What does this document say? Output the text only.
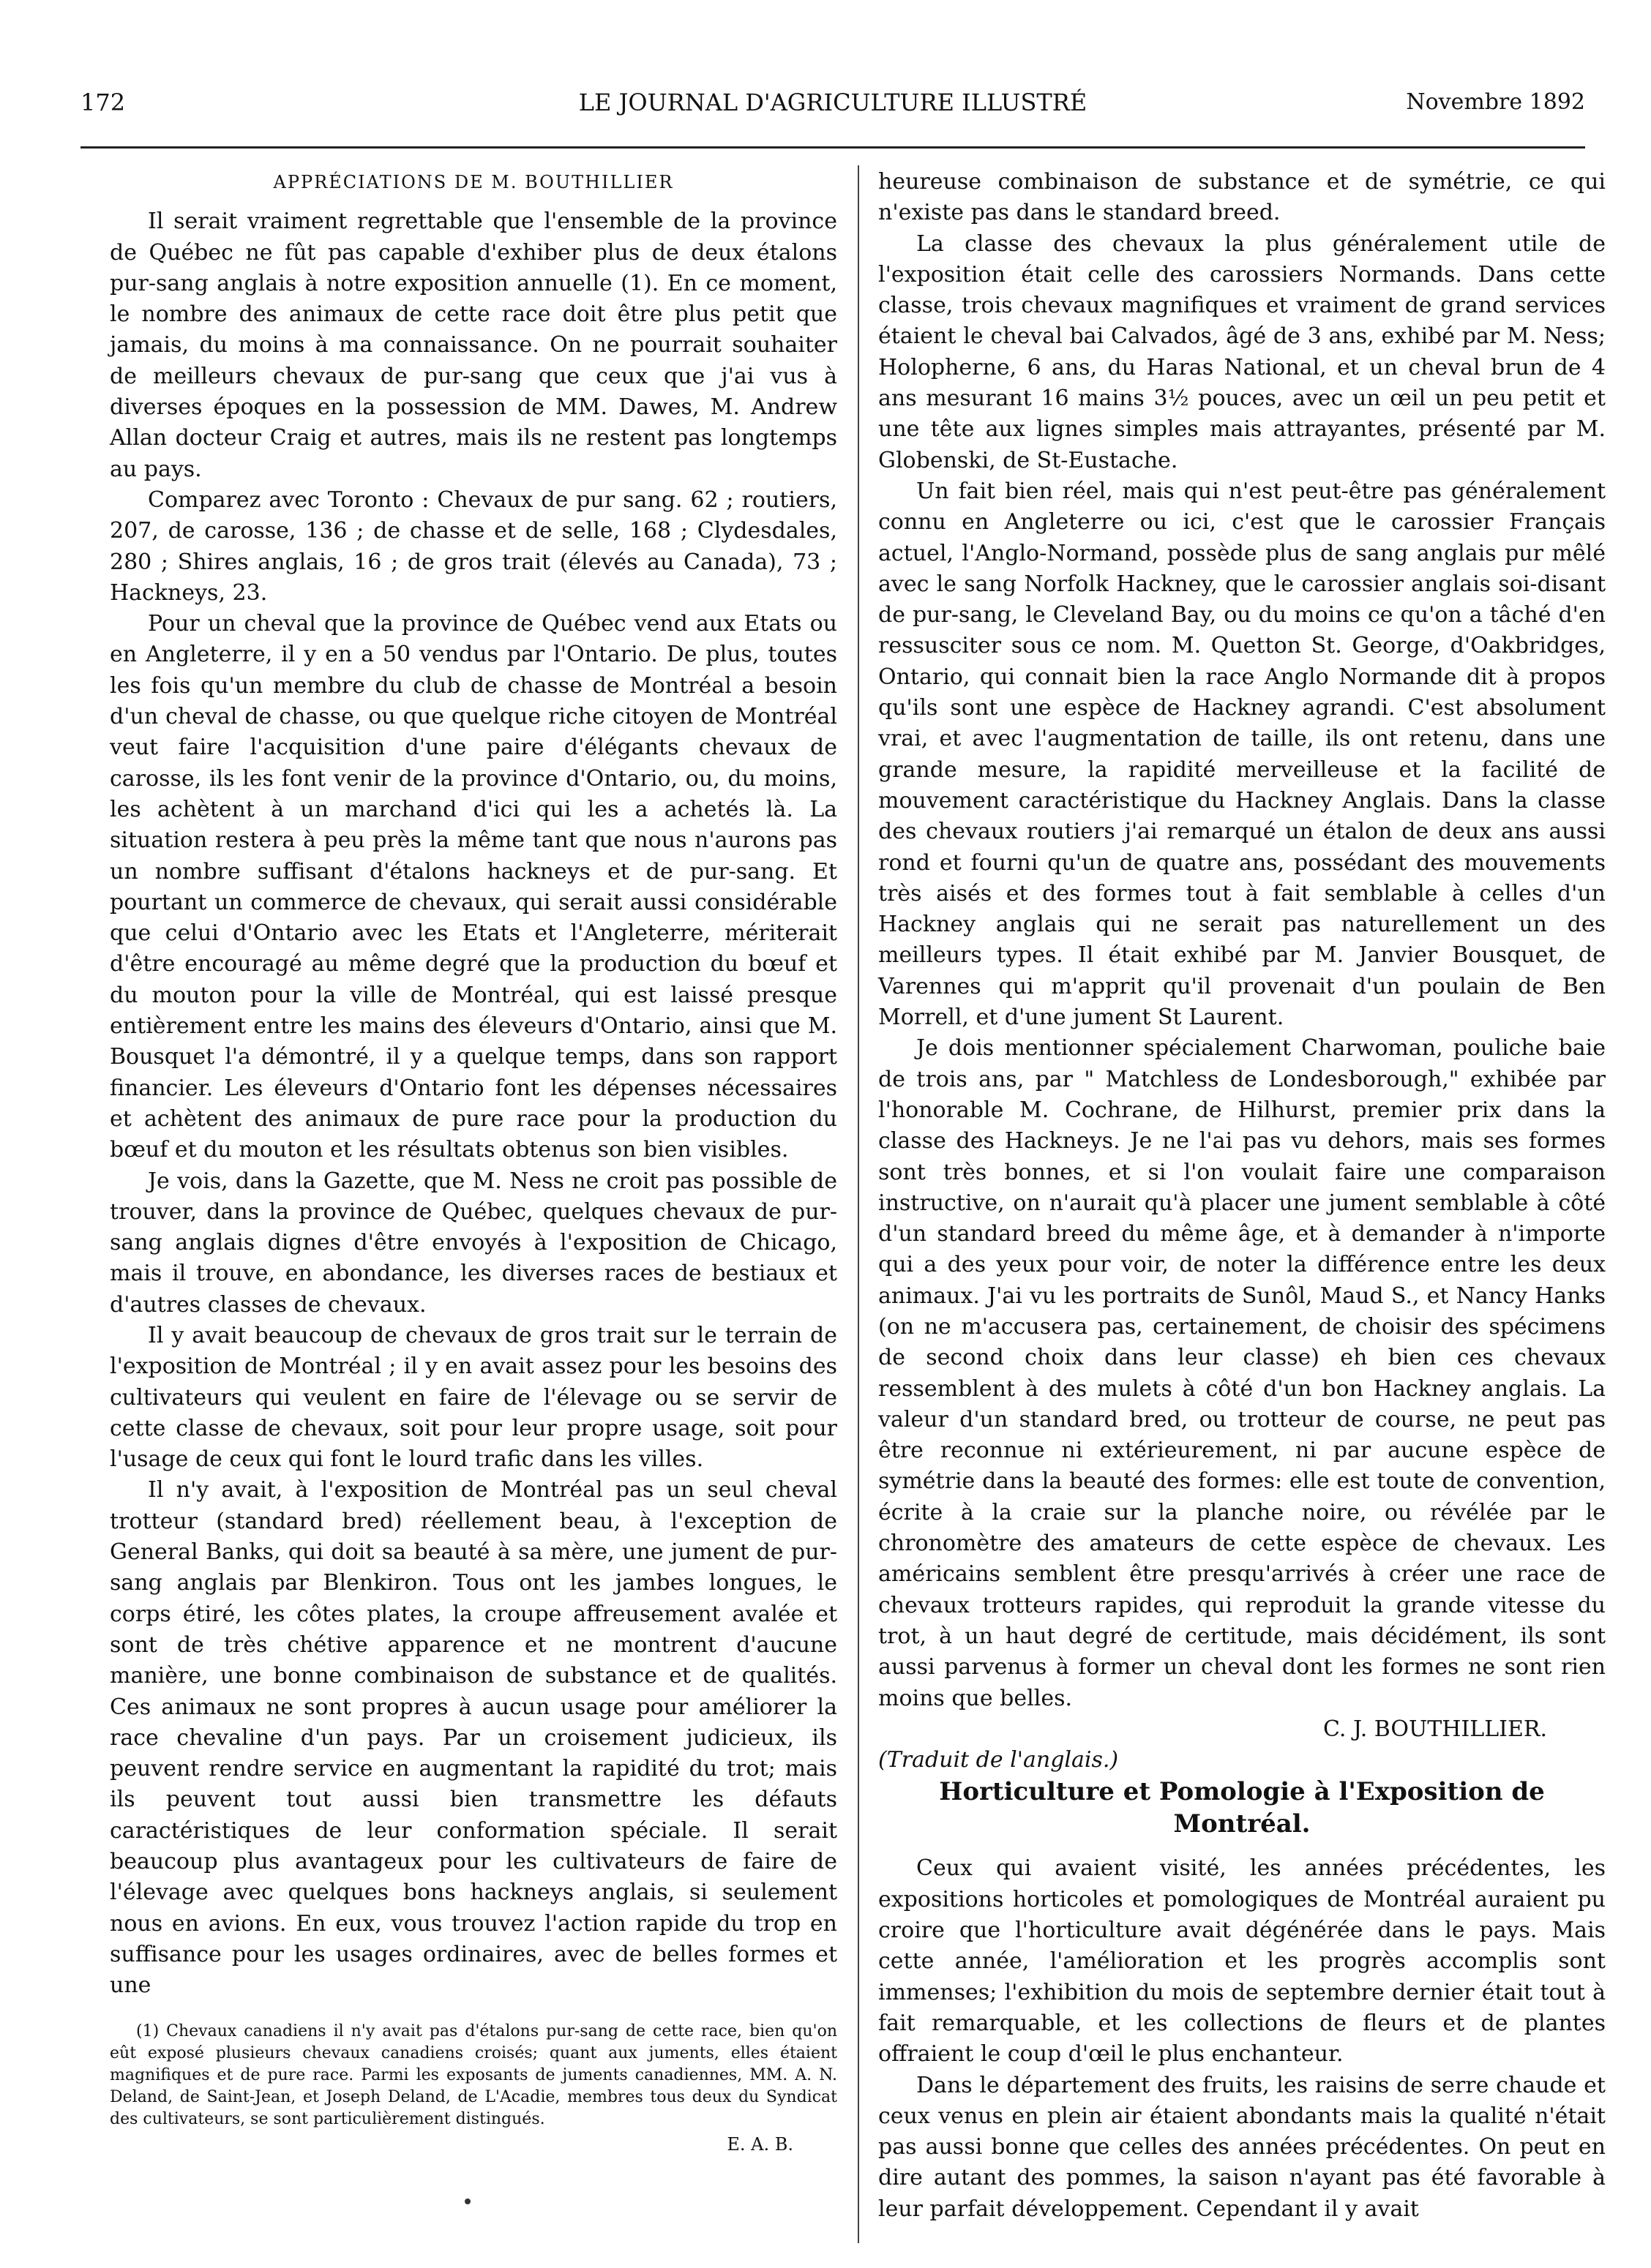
172	LE JOURNAL D'AGRICULTURE ILLUSTRÉ	Novembre 1892
APPRÉCIATIONS DE M. BOUTHILLIER

Il serait vraiment regrettable que l'ensemble de la province de Québec ne fût pas capable d'exhiber plus de deux étalons pur-sang anglais à notre exposition annuelle (1). En ce moment, le nombre des animaux de cette race doit être plus petit que jamais, du moins à ma connaissance. On ne pourrait souhaiter de meilleurs chevaux de pur-sang que ceux que j'ai vus à diverses époques en la possession de MM. Dawes, M. Andrew Allan docteur Craig et autres, mais ils ne restent pas longtemps au pays.

Comparez avec Toronto : Chevaux de pur sang. 62 ; routiers, 207, de carosse, 136 ; de chasse et de selle, 168 ; Clydesdales, 280 ; Shires anglais, 16 ; de gros trait (élevés au Canada), 73 ; Hackneys, 23.

Pour un cheval que la province de Québec vend aux Etats ou en Angleterre, il y en a 50 vendus par l'Ontario. De plus, toutes les fois qu'un membre du club de chasse de Montréal a besoin d'un cheval de chasse, ou que quelque riche citoyen de Montréal veut faire l'acquisition d'une paire d'élégants chevaux de carosse, ils les font venir de la province d'Ontario, ou, du moins, les achètent à un marchand d'ici qui les a achetés là. La situation restera à peu près la même tant que nous n'aurons pas un nombre suffisant d'étalons hackneys et de pur-sang. Et pourtant un commerce de chevaux, qui serait aussi considérable que celui d'Ontario avec les Etats et l'Angleterre, mériterait d'être encouragé au même degré que la production du bœuf et du mouton pour la ville de Montréal, qui est laissé presque entièrement entre les mains des éleveurs d'Ontario, ainsi que M. Bousquet l'a démontré, il y a quelque temps, dans son rapport financier. Les éleveurs d'Ontario font les dépenses nécessaires et achètent des animaux de pure race pour la production du bœuf et du mouton et les résultats obtenus son bien visibles.

Je vois, dans la Gazette, que M. Ness ne croit pas possible de trouver, dans la province de Québec, quelques chevaux de pur-sang anglais dignes d'être envoyés à l'exposition de Chicago, mais il trouve, en abondance, les diverses races de bestiaux et d'autres classes de chevaux.

Il y avait beaucoup de chevaux de gros trait sur le terrain de l'exposition de Montréal ; il y en avait assez pour les besoins des cultivateurs qui veulent en faire de l'élevage ou se servir de cette classe de chevaux, soit pour leur propre usage, soit pour l'usage de ceux qui font le lourd trafic dans les villes.

Il n'y avait, à l'exposition de Montréal pas un seul cheval trotteur (standard bred) réellement beau, à l'exception de General Banks, qui doit sa beauté à sa mère, une jument de pur-sang anglais par Blenkiron. Tous ont les jambes longues, le corps étiré, les côtes plates, la croupe affreusement avalée et sont de très chétive apparence et ne montrent d'aucune manière, une bonne combinaison de substance et de qualités. Ces animaux ne sont propres à aucun usage pour améliorer la race chevaline d'un pays. Par un croisement judicieux, ils peuvent rendre service en augmentant la rapidité du trot; mais ils peuvent tout aussi bien transmettre les défauts caractéristiques de leur conformation spéciale. Il serait beaucoup plus avantageux pour les cultivateurs de faire de l'élevage avec quelques bons hackneys anglais, si seulement nous en avions. En eux, vous trouvez l'action rapide du trop en suffisance pour les usages ordinaires, avec de belles formes et une

(1) Chevaux canadiens il n'y avait pas d'étalons pur-sang de cette race, bien qu'on eût exposé plusieurs chevaux canadiens croisés; quant aux juments, elles étaient magnifiques et de pure race. Parmi les exposants de juments canadiennes, MM. A. N. Deland, de Saint-Jean, et Joseph Deland, de L'Acadie, membres tous deux du Syndicat des cultivateurs, se sont particulièrement distingués.

E. A. B.

heureuse combinaison de substance et de symétrie, ce qui n'existe pas dans le standard breed.

La classe des chevaux la plus généralement utile de l'exposition était celle des carossiers Normands. Dans cette classe, trois chevaux magnifiques et vraiment de grand services étaient le cheval bai Calvados, âgé de 3 ans, exhibé par M. Ness; Holopherne, 6 ans, du Haras National, et un cheval brun de 4 ans mesurant 16 mains 3½ pouces, avec un œil un peu petit et une tête aux lignes simples mais attrayantes, présenté par M. Globenski, de St-Eustache.

Un fait bien réel, mais qui n'est peut-être pas généralement connu en Angleterre ou ici, c'est que le carossier Français actuel, l'Anglo-Normand, possède plus de sang anglais pur mêlé avec le sang Norfolk Hackney, que le carossier anglais soi-disant de pur-sang, le Cleveland Bay, ou du moins ce qu'on a tâché d'en ressusciter sous ce nom. M. Quetton St. George, d'Oakbridges, Ontario, qui connait bien la race Anglo Normande dit à propos qu'ils sont une espèce de Hackney agrandi. C'est absolument vrai, et avec l'augmentation de taille, ils ont retenu, dans une grande mesure, la rapidité merveilleuse et la facilité de mouvement caractéristique du Hackney Anglais. Dans la classe des chevaux routiers j'ai remarqué un étalon de deux ans aussi rond et fourni qu'un de quatre ans, possédant des mouvements très aisés et des formes tout à fait semblable à celles d'un Hackney anglais qui ne serait pas naturellement un des meilleurs types. Il était exhibé par M. Janvier Bousquet, de Varennes qui m'apprit qu'il provenait d'un poulain de Ben Morrell, et d'une jument St Laurent.

Je dois mentionner spécialement Charwoman, pouliche baie de trois ans, par " Matchless de Londesborough," exhibée par l'honorable M. Cochrane, de Hilhurst, premier prix dans la classe des Hackneys. Je ne l'ai pas vu dehors, mais ses formes sont très bonnes, et si l'on voulait faire une comparaison instructive, on n'aurait qu'à placer une jument semblable à côté d'un standard breed du même âge, et à demander à n'importe qui a des yeux pour voir, de noter la différence entre les deux animaux. J'ai vu les portraits de Sunôl, Maud S., et Nancy Hanks (on ne m'accusera pas, certainement, de choisir des spécimens de second choix dans leur classe) eh bien ces chevaux ressemblent à des mulets à côté d'un bon Hackney anglais. La valeur d'un standard bred, ou trotteur de course, ne peut pas être reconnue ni extérieurement, ni par aucune espèce de symétrie dans la beauté des formes: elle est toute de convention, écrite à la craie sur la planche noire, ou révélée par le chronomètre des amateurs de cette espèce de chevaux. Les américains semblent être presqu'arrivés à créer une race de chevaux trotteurs rapides, qui reproduit la grande vitesse du trot, à un haut degré de certitude, mais décidément, ils sont aussi parvenus à former un cheval dont les formes ne sont rien moins que belles.

C. J. BOUTHILLIER.

(Traduit de l'anglais.)

Horticulture et Pomologie à l'Exposition de Montréal.

Ceux qui avaient visité, les années précédentes, les expositions horticoles et pomologiques de Montréal auraient pu croire que l'horticulture avait dégénérée dans le pays. Mais cette année, l'amélioration et les progrès accomplis sont immenses; l'exhibition du mois de septembre dernier était tout à fait remarquable, et les collections de fleurs et de plantes offraient le coup d'œil le plus enchanteur.

Dans le département des fruits, les raisins de serre chaude et ceux venus en plein air étaient abondants mais la qualité n'était pas aussi bonne que celles des années précédentes. On peut en dire autant des pommes, la saison n'ayant pas été favorable à leur parfait développement. Cependant il y avait
